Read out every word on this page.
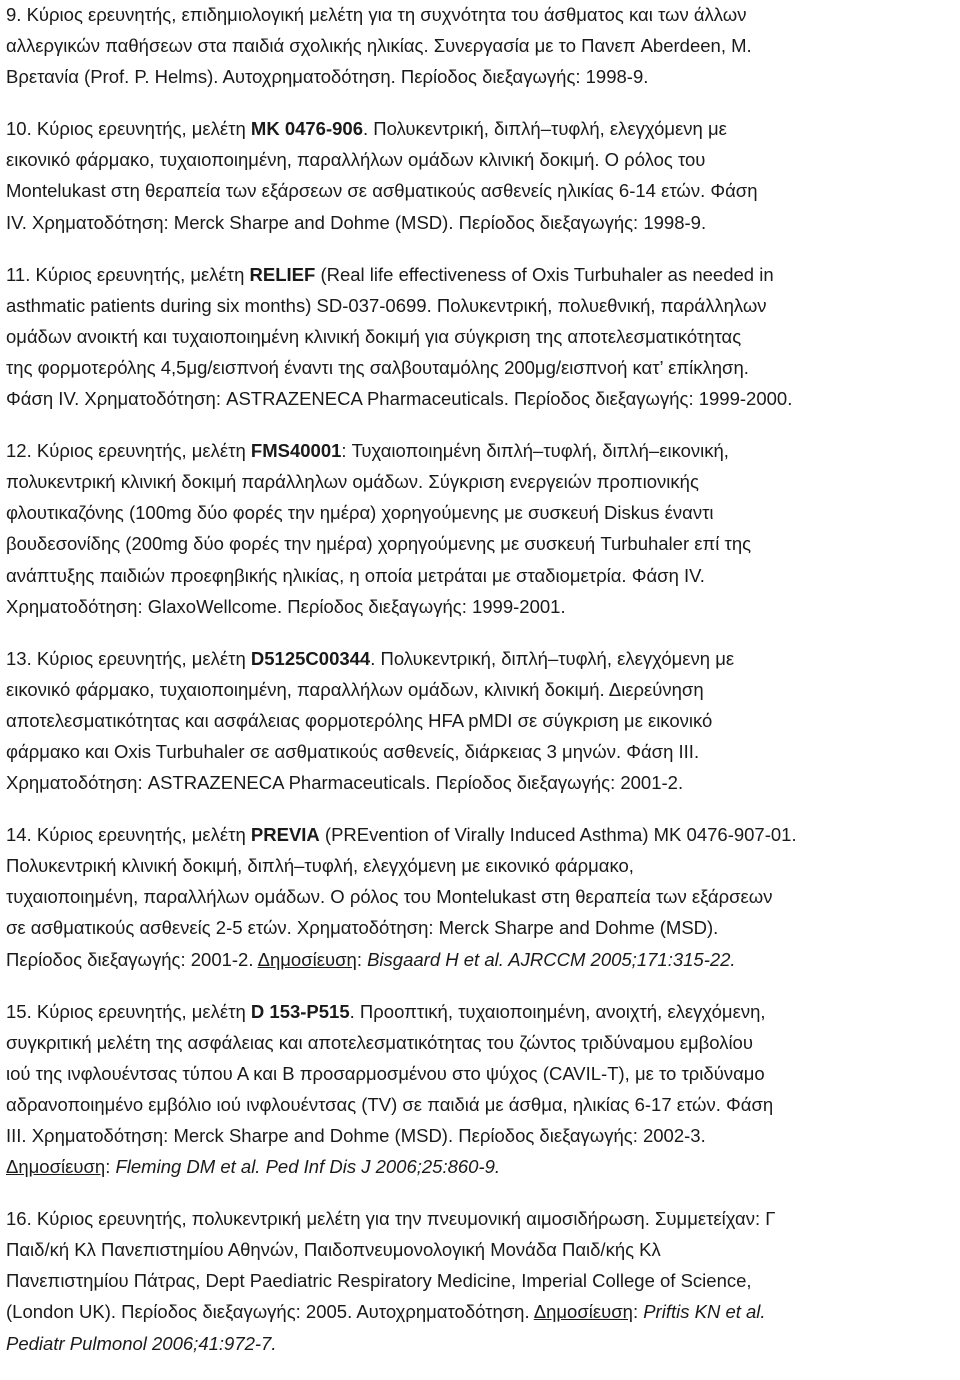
9. Κύριος ερευνητής, επιδημιολογική μελέτη για τη συχνότητα του άσθματος και των άλλων
αλλεργικών παθήσεων στα παιδιά σχολικής ηλικίας. Συνεργασία με το Πανεπ Aberdeen, Μ.
Βρετανία (Prof. P. Helms). Αυτοχρηματοδότηση. Περίοδος διεξαγωγής: 1998-9.
10. Κύριος ερευνητής, μελέτη MK 0476-906. Πολυκεντρική, διπλή–τυφλή, ελεγχόμενη με
εικονικό φάρμακο, τυχαιοποιημένη, παραλλήλων ομάδων κλινική δοκιμή. Ο ρόλος του
Montelukast στη θεραπεία των εξάρσεων σε ασθματικούς ασθενείς ηλικίας 6-14 ετών. Φάση
IV. Χρηματοδότηση: Merck Sharpe and Dohme (MSD). Περίοδος διεξαγωγής: 1998-9.
11. Κύριος ερευνητής, μελέτη RELIEF (Real life effectiveness of Oxis Turbuhaler as needed in
asthmatic patients during six months) SD-037-0699. Πολυκεντρική, πολυεθνική, παράλληλων
ομάδων ανοικτή και τυχαιοποιημένη κλινική δοκιμή για σύγκριση της αποτελεσματικότητας
της φορμοτερόλης 4,5μg/εισπνοή έναντι της σαλβουταμόλης 200μg/εισπνοή κατ’ επίκληση.
Φάση IV. Χρηματοδότηση: ASTRAZENECA Pharmaceuticals. Περίοδος διεξαγωγής: 1999-2000.
12. Κύριος ερευνητής, μελέτη FMS40001: Τυχαιοποιημένη διπλή–τυφλή, διπλή–εικονική,
πολυκεντρική κλινική δοκιμή παράλληλων ομάδων. Σύγκριση ενεργειών προπιονικής
φλουτικαζόνης (100mg δύο φορές την ημέρα) χορηγούμενης με συσκευή Diskus έναντι
βουδεσονίδης (200mg δύο φορές την ημέρα) χορηγούμενης με συσκευή Turbuhaler επί της
ανάπτυξης παιδιών προεφηβικής ηλικίας, η οποία μετράται με σταδιομετρία. Φάση IV.
Χρηματοδότηση: GlaxoWellcome. Περίοδος διεξαγωγής: 1999-2001.
13. Κύριος ερευνητής, μελέτη D5125C00344. Πολυκεντρική, διπλή–τυφλή, ελεγχόμενη με
εικονικό φάρμακο, τυχαιοποιημένη, παραλλήλων ομάδων, κλινική δοκιμή. Διερεύνηση
αποτελεσματικότητας και ασφάλειας φορμοτερόλης HFA pMDI σε σύγκριση με εικονικό
φάρμακο και Oxis Turbuhaler σε ασθματικούς ασθενείς, διάρκειας 3 μηνών. Φάση III.
Χρηματοδότηση: ASTRAZENECA Pharmaceuticals. Περίοδος διεξαγωγής: 2001-2.
14. Κύριος ερευνητής, μελέτη PREVIA (PREvention of Virally Induced Asthma) MK 0476-907-01.
Πολυκεντρική κλινική δοκιμή, διπλή–τυφλή, ελεγχόμενη με εικονικό φάρμακο,
τυχαιοποιημένη, παραλλήλων ομάδων. Ο ρόλος του Montelukast στη θεραπεία των εξάρσεων
σε ασθματικούς ασθενείς 2-5 ετών. Χρηματοδότηση: Merck Sharpe and Dohme (MSD).
Περίοδος διεξαγωγής: 2001-2. Δημοσίευση: Bisgaard H et al. AJRCCM 2005;171:315-22.
15. Κύριος ερευνητής, μελέτη D 153-P515. Προοπτική, τυχαιοποιημένη, ανοιχτή, ελεγχόμενη,
συγκριτική μελέτη της ασφάλειας και αποτελεσματικότητας του ζώντος τριδύναμου εμβολίου
ιού της ινφλουέντσας τύπου Α και Β προσαρμοσμένου στο ψύχος (CAVIL-T), με το τριδύναμο
αδρανοποιημένο εμβόλιο ιού ινφλουέντσας (TV) σε παιδιά με άσθμα, ηλικίας 6-17 ετών. Φάση
III. Χρηματοδότηση: Merck Sharpe and Dohme (MSD). Περίοδος διεξαγωγής: 2002-3.
Δημοσίευση: Fleming DM et al. Ped Inf Dis J 2006;25:860-9.
16. Κύριος ερευνητής, πολυκεντρική μελέτη για την πνευμονική αιμοσιδήρωση. Συμμετείχαν: Γ
Παιδ/κή Κλ Πανεπιστημίου Αθηνών, Παιδοπνευμονολογική Μονάδα Παιδ/κής Κλ
Πανεπιστημίου Πάτρας, Dept Paediatric Respiratory Medicine, Imperial College of Science,
(London UK). Περίοδος διεξαγωγής: 2005. Αυτοχρηματοδότηση. Δημοσίευση: Priftis KN et al.
Pediatr Pulmonol 2006;41:972-7.
